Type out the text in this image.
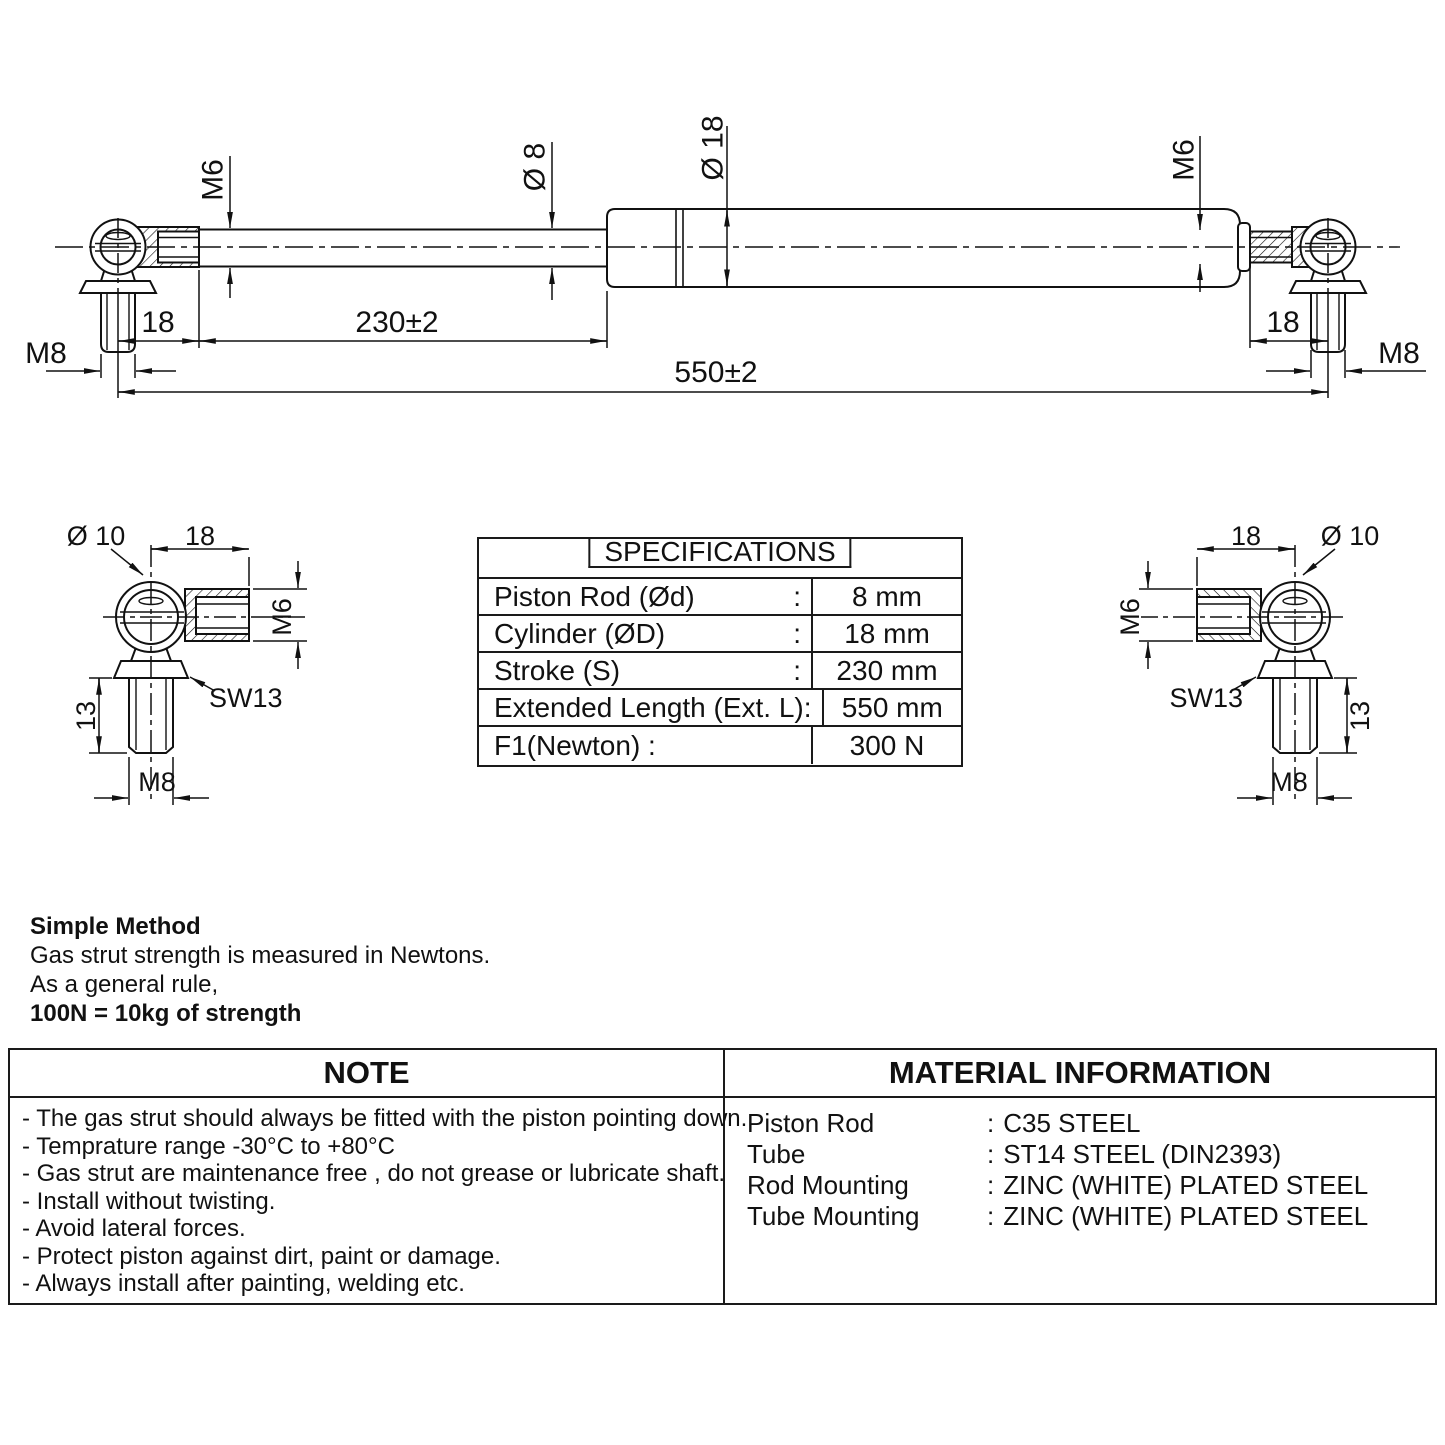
M6	Ø 8	Ø 18	M6
18	230±2	18
M8	M8
550±2
Ø 10 18
M6
SW13
13
M8
Ø 10
18
M6
SW13
13
M8
SPECIFICATIONS
Piston Rod (Ød)	:	8 mm
Cylinder (ØD)	:	18 mm
Stroke (S)	:	230 mm
Extended Length (Ext. L) :	550 mm
F1(Newton) :	300 N
Simple Method
Gas strut strength is measured in Newtons.
As a general rule,
100N = 10kg of strength
NOTE	MATERIAL INFORMATION
- The gas strut should always be fitted with the piston pointing down.
- Temprature range -30°C to +80°C
- Gas strut are maintenance free , do not grease or lubricate shaft.
- Install without twisting.
- Avoid lateral forces.
- Protect piston against dirt, paint or damage.
- Always install after painting, welding etc.
Piston Rod	: C35 STEEL
Tube	: ST14 STEEL (DIN2393)
Rod Mounting	: ZINC (WHITE) PLATED STEEL
Tube Mounting	: ZINC (WHITE) PLATED STEEL
